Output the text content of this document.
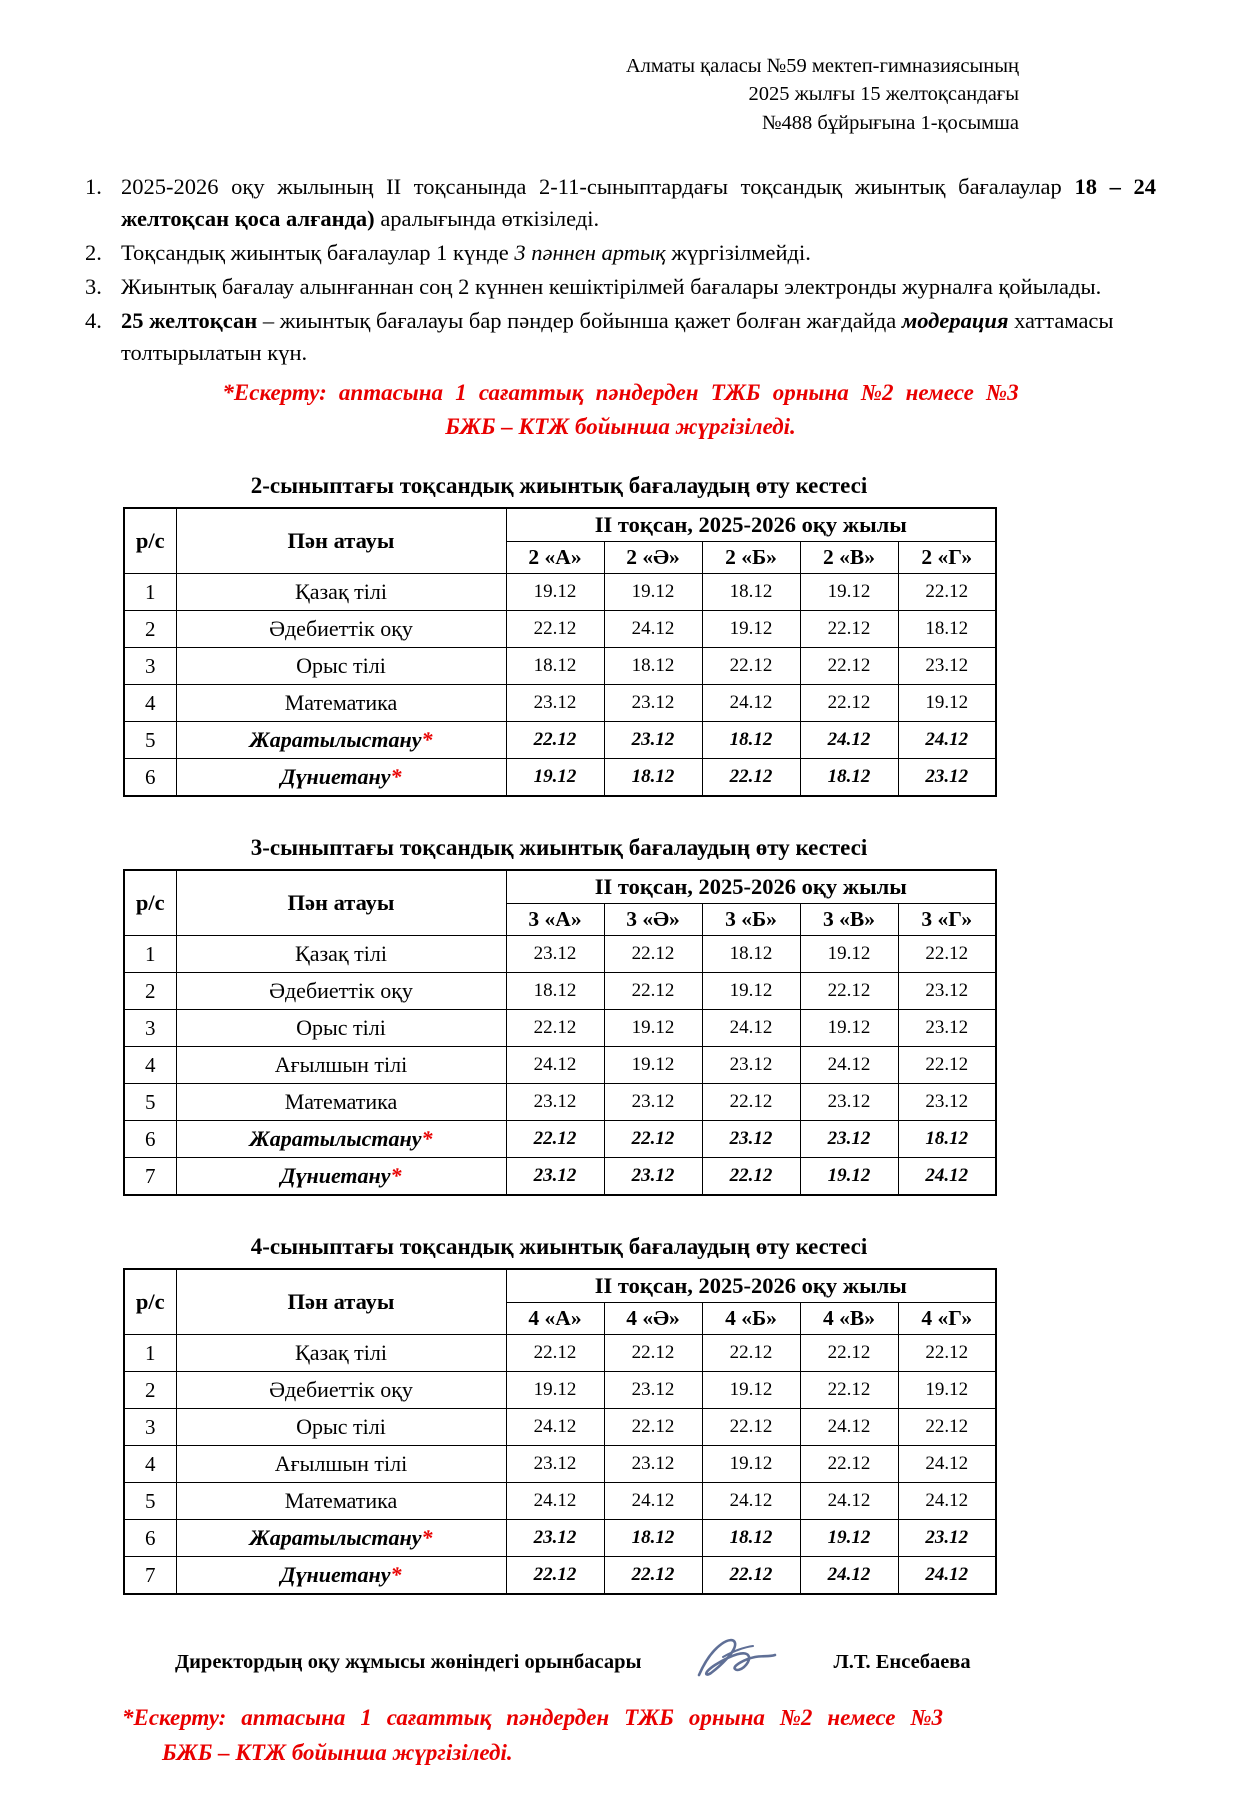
Алматы қаласы №59 мектеп-гимназиясының
2025 жылғы 15 желтоқсандағы
№488 бұйрығына 1-қосымша
1. 2025-2026 оқу жылының II тоқсанында 2-11-сыныптардағы тоқсандық жиынтық бағалаулар 18 – 24 желтоқсан қоса алғанда) аралығында өткізіледі.
2. Тоқсандық жиынтық бағалаулар 1 күнде 3 пәннен артық жүргізілмейді.
3. Жиынтық бағалау алынғаннан соң 2 күннен кешіктірілмей бағалары электронды журналға қойылады.
4. 25 желтоқсан – жиынтық бағалауы бар пәндер бойынша қажет болған жағдайда модерация хаттамасы толтырылатын күн.
*Ескерту: аптасына 1 сағаттық пәндерден ТЖБ орнына №2 немесе №3
БЖБ – КТЖ бойынша жүргізіледі.
2-сыныптағы тоқсандық жиынтық бағалаудың өту кестесі
р/с	Пән атауы	II тоқсан, 2025-2026 оқу жылы				
		2 «А»	2 «Ә»	2 «Б»	2 «В»	2 «Г»
1	Қазақ тілі	19.12	19.12	18.12	19.12	22.12
2	Әдебиеттік оқу	22.12	24.12	19.12	22.12	18.12
3	Орыс тілі	18.12	18.12	22.12	22.12	23.12
4	Математика	23.12	23.12	24.12	22.12	19.12
5	Жаратылыстану*	22.12	23.12	18.12	24.12	24.12
6	Дүниетану*	19.12	18.12	22.12	18.12	23.12
3-сыныптағы тоқсандық жиынтық бағалаудың өту кестесі
р/с	Пән атауы	II тоқсан, 2025-2026 оқу жылы				
		3 «А»	3 «Ә»	3 «Б»	3 «В»	3 «Г»
1	Қазақ тілі	23.12	22.12	18.12	19.12	22.12
2	Әдебиеттік оқу	18.12	22.12	19.12	22.12	23.12
3	Орыс тілі	22.12	19.12	24.12	19.12	23.12
4	Ағылшын тілі	24.12	19.12	23.12	24.12	22.12
5	Математика	23.12	23.12	22.12	23.12	23.12
6	Жаратылыстану*	22.12	22.12	23.12	23.12	18.12
7	Дүниетану*	23.12	23.12	22.12	19.12	24.12
4-сыныптағы тоқсандық жиынтық бағалаудың өту кестесі
р/с	Пән атауы	II тоқсан, 2025-2026 оқу жылы				
		4 «А»	4 «Ә»	4 «Б»	4 «В»	4 «Г»
1	Қазақ тілі	22.12	22.12	22.12	22.12	22.12
2	Әдебиеттік оқу	19.12	23.12	19.12	22.12	19.12
3	Орыс тілі	24.12	22.12	22.12	24.12	22.12
4	Ағылшын тілі	23.12	23.12	19.12	22.12	24.12
5	Математика	24.12	24.12	24.12	24.12	24.12
6	Жаратылыстану*	23.12	18.12	18.12	19.12	23.12
7	Дүниетану*	22.12	22.12	22.12	24.12	24.12
Директордың оқу жұмысы жөніндегі орынбасары	Л.Т. Енсебаева
*Ескерту: аптасына 1 сағаттық пәндерден ТЖБ орнына №2 немесе №3
БЖБ – КТЖ бойынша жүргізіледі.
